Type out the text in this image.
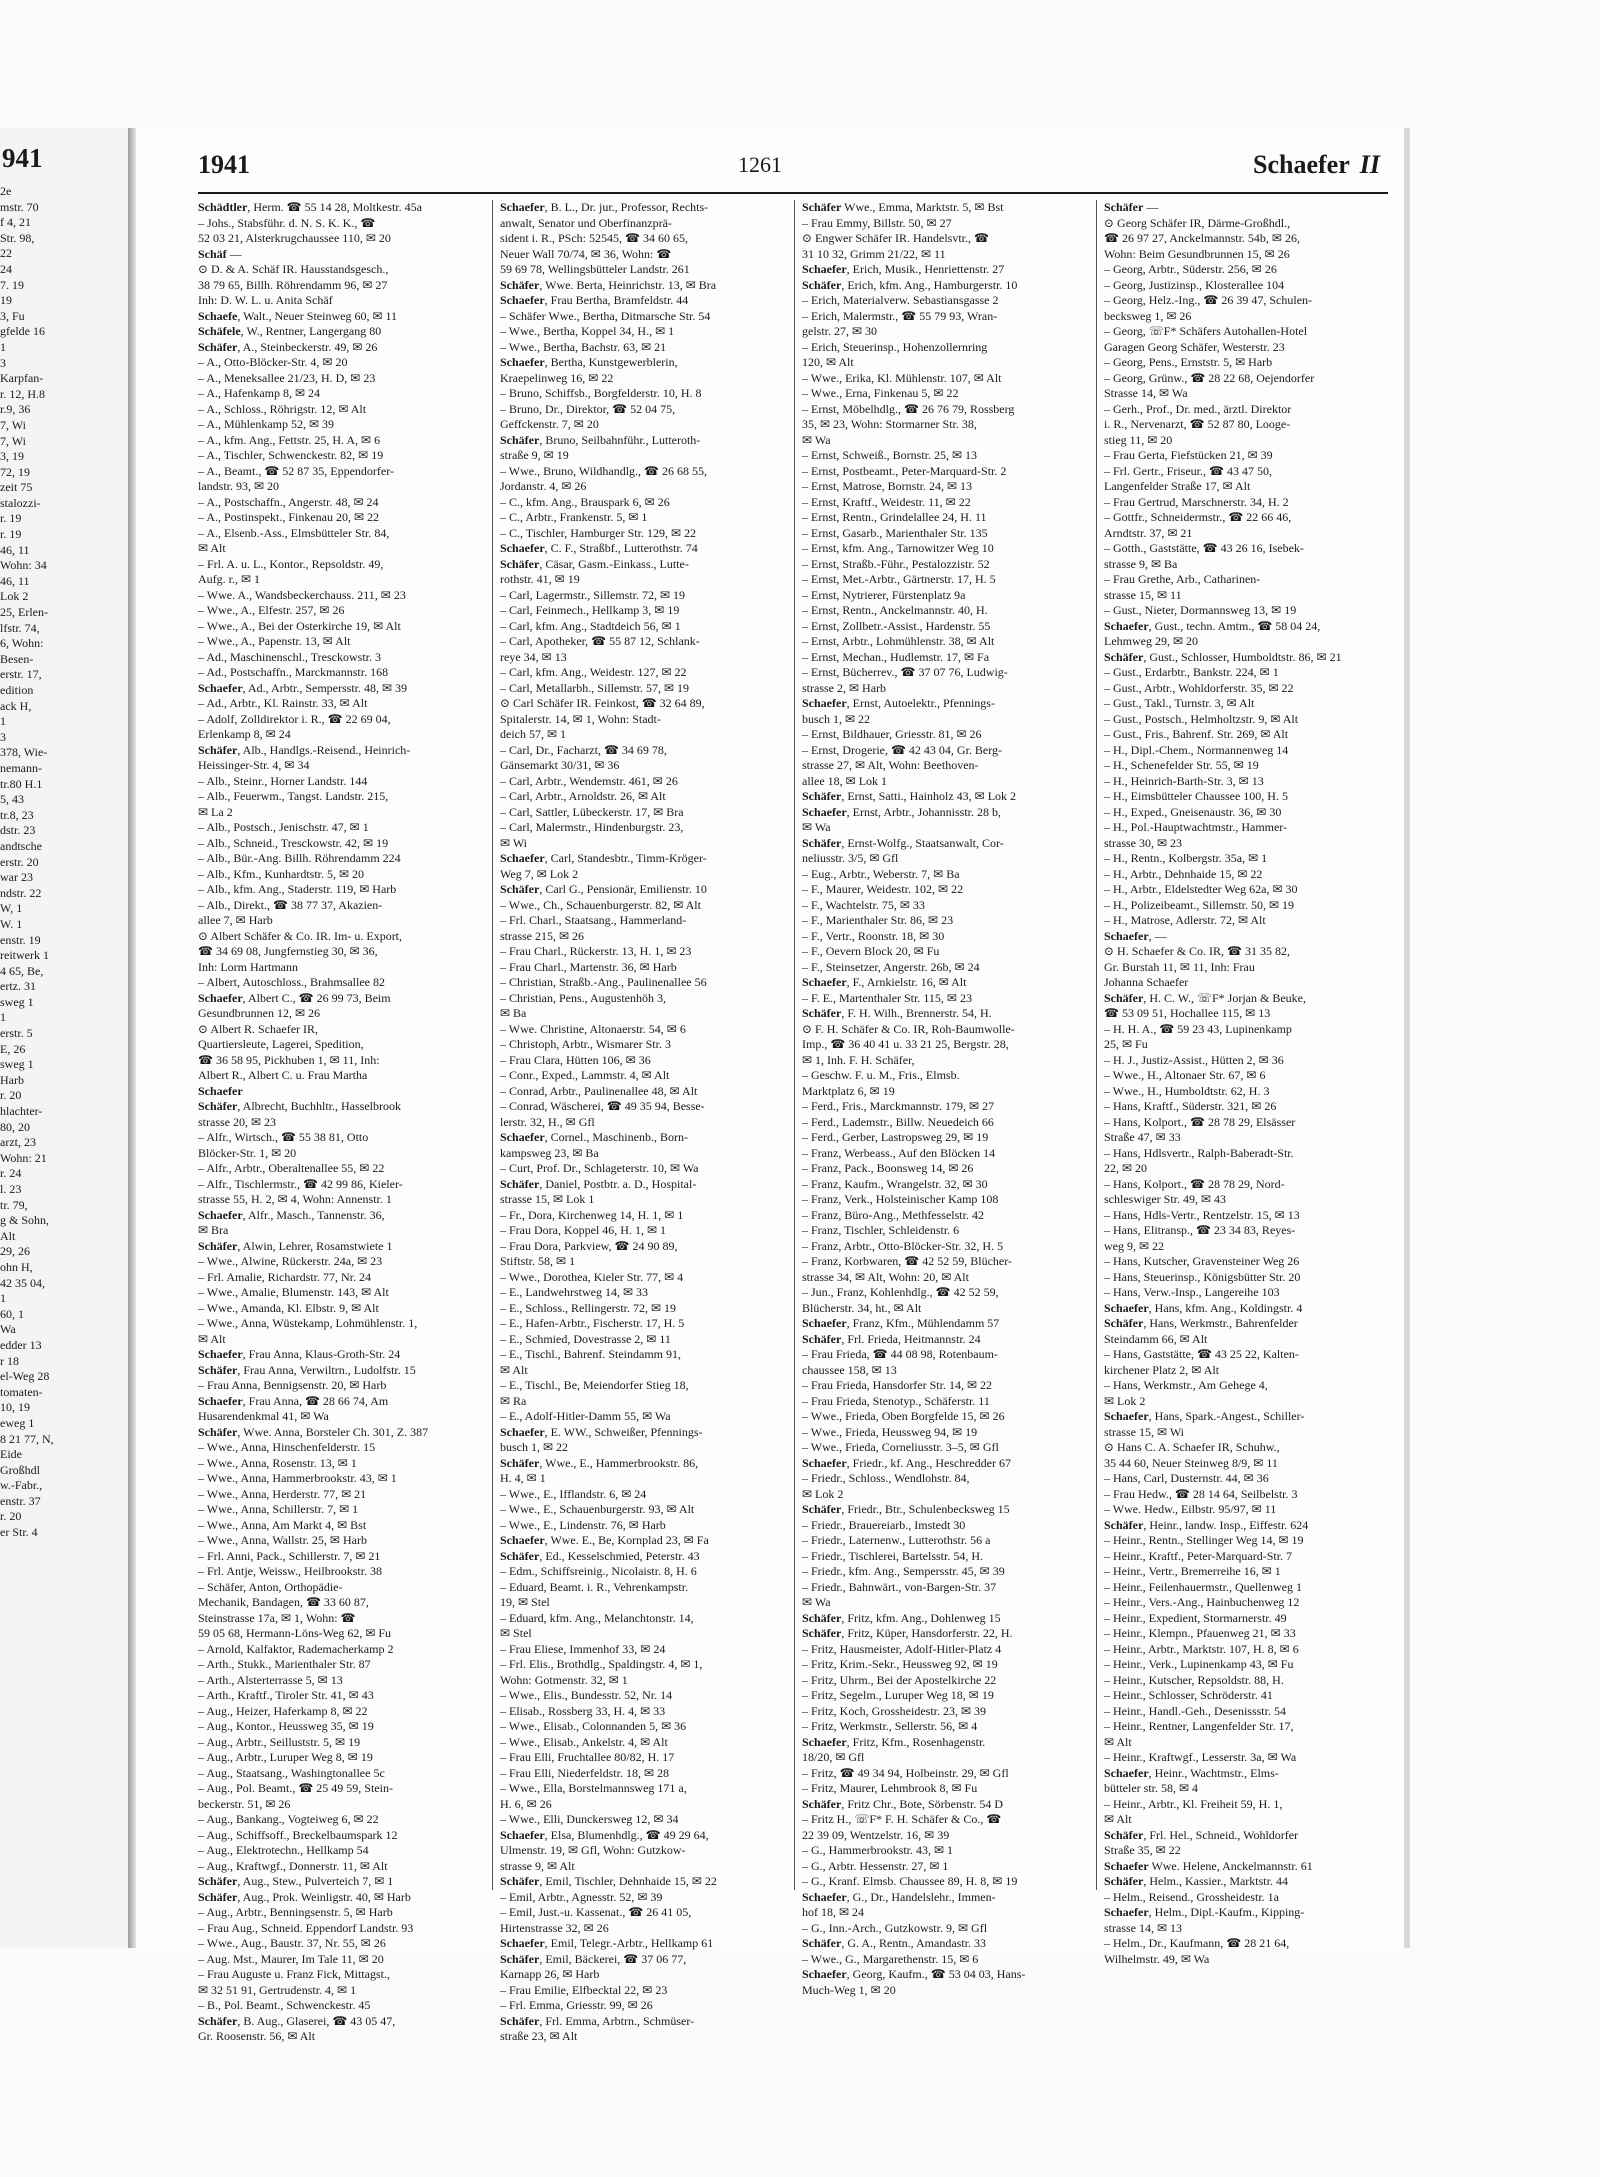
941
2e
mstr. 70
f 4, 21
Str. 98,
22
24
7. 19
19
3, Fu
gfelde 16
1
3
Karpfan-
r. 12, H.8
r.9, 36
7, Wi
7, Wi
3, 19
72, 19
zeit 75
stalozzi-
r. 19
r. 19
46, 11
Wohn: 34
46, 11
Lok 2
25, Erlen-
lfstr. 74,
6, Wohn:
Besen-
erstr. 17,
edition
ack H,
1
3
378, Wie-
nemann-
tr.80 H.1
5, 43
tr.8, 23
dstr. 23
andtsche
erstr. 20
war 23
ndstr. 22
W, 1
W. 1
enstr. 19
reitwerk 1
4 65, Be,
ertz. 31
sweg 1
1
erstr. 5
E, 26
sweg 1
Harb
r. 20
hlachter-
80, 20
arzt, 23
Wohn: 21
r. 24
l. 23
tr. 79,
g & Sohn,
Alt
29, 26
ohn H,
42 35 04,
1
60, 1
Wa
edder 13
r 18
el-Weg 28
tomaten-
10, 19
eweg 1
8 21 77, N,
Eide
Großhdl
w.-Fabr.,
enstr. 37
r. 20
er Str. 4
1941	1261	Schaefer II
Schädtler, Herm. ☎ 55 14 28, Moltkestr. 45a
– Johs., Stabsführ. d. N. S. K. K., ☎
52 03 21, Alsterkrugchaussee 110, ✉ 20
Schäf —
⊙ D. & A. Schäf IR. Hausstandsgesch.,
38 79 65, Billh. Röhrendamm 96, ✉ 27
Inh: D. W. L. u. Anita Schäf
Schaefe, Walt., Neuer Steinweg 60, ✉ 11
Schäfele, W., Rentner, Langergang 80
Schäfer, A., Steinbeckerstr. 49, ✉ 26
– A., Otto-Blöcker-Str. 4, ✉ 20
– A., Meneksallee 21/23, H. D, ✉ 23
– A., Hafenkamp 8, ✉ 24
– A., Schloss., Röhrigstr. 12, ✉ Alt
– A., Mühlenkamp 52, ✉ 39
– A., kfm. Ang., Fettstr. 25, H. A, ✉ 6
– A., Tischler, Schwenckestr. 82, ✉ 19
– A., Beamt., ☎ 52 87 35, Eppendorfer-
landstr. 93, ✉ 20
– A., Postschaffn., Angerstr. 48, ✉ 24
– A., Postinspekt., Finkenau 20, ✉ 22
– A., Elsenb.-Ass., Elmsbütteler Str. 84,
✉ Alt
– Frl. A. u. L., Kontor., Repsoldstr. 49,
Aufg. r., ✉ 1
– Wwe. A., Wandsbeckerchauss. 211, ✉ 23
– Wwe., A., Elfestr. 257, ✉ 26
– Wwe., A., Bei der Osterkirche 19, ✉ Alt
– Wwe., A., Papenstr. 13, ✉ Alt
– Ad., Maschinenschl., Tresckowstr. 3
– Ad., Postschaffn., Marckmannstr. 168
Schaefer, Ad., Arbtr., Sempersstr. 48, ✉ 39
– Ad., Arbtr., Kl. Rainstr. 33, ✉ Alt
– Adolf, Zolldirektor i. R., ☎ 22 69 04,
Erlenkamp 8, ✉ 24
Schäfer, Alb., Handlgs.-Reisend., Heinrich-
Heissinger-Str. 4, ✉ 34
– Alb., Steinr., Horner Landstr. 144
– Alb., Feuerwm., Tangst. Landstr. 215,
✉ La 2
– Alb., Postsch., Jenischstr. 47, ✉ 1
– Alb., Schneid., Tresckowstr. 42, ✉ 19
– Alb., Bür.-Ang. Billh. Röhrendamm 224
– Alb., Kfm., Kunhardtstr. 5, ✉ 20
– Alb., kfm. Ang., Staderstr. 119, ✉ Harb
– Alb., Direkt., ☎ 38 77 37, Akazien-
allee 7, ✉ Harb
⊙ Albert Schäfer & Co. IR. Im- u. Export,
☎ 34 69 08, Jungfernstieg 30, ✉ 36,
Inh: Lorm Hartmann
– Albert, Autoschloss., Brahmsallee 82
Schaefer, Albert C., ☎ 26 99 73, Beim
Gesundbrunnen 12, ✉ 26
⊙ Albert R. Schaefer IR,
Quartiersleute, Lagerei, Spedition,
☎ 36 58 95, Pickhuben 1, ✉ 11, Inh:
Albert R., Albert C. u. Frau Martha
Schaefer
Schäfer, Albrecht, Buchhltr., Hasselbrook
strasse 20, ✉ 23
– Alfr., Wirtsch., ☎ 55 38 81, Otto
Blöcker-Str. 1, ✉ 20
– Alfr., Arbtr., Oberaltenallee 55, ✉ 22
– Alfr., Tischlermstr., ☎ 42 99 86, Kieler-
strasse 55, H. 2, ✉ 4, Wohn: Annenstr. 1
Schaefer, Alfr., Masch., Tannenstr. 36,
✉ Bra
Schäfer, Alwin, Lehrer, Rosamstwiete 1
– Wwe., Alwine, Rückerstr. 24a, ✉ 23
– Frl. Amalie, Richardstr. 77, Nr. 24
– Wwe., Amalie, Blumenstr. 143, ✉ Alt
– Wwe., Amanda, Kl. Elbstr. 9, ✉ Alt
– Wwe., Anna, Wüstekamp, Lohmühlenstr. 1,
✉ Alt
Schaefer, Frau Anna, Klaus-Groth-Str. 24
Schäfer, Frau Anna, Verwiltrn., Ludolfstr. 15
– Frau Anna, Bennigsenstr. 20, ✉ Harb
Schaefer, Frau Anna, ☎ 28 66 74, Am
Husarendenkmal 41, ✉ Wa
Schäfer, Wwe. Anna, Borsteler Ch. 301, Z. 387
– Wwe., Anna, Hinschenfelderstr. 15
– Wwe., Anna, Rosenstr. 13, ✉ 1
– Wwe., Anna, Hammerbrookstr. 43, ✉ 1
– Wwe., Anna, Herderstr. 77, ✉ 21
– Wwe., Anna, Schillerstr. 7, ✉ 1
– Wwe., Anna, Am Markt 4, ✉ Bst
– Wwe., Anna, Wallstr. 25, ✉ Harb
– Frl. Anni, Pack., Schillerstr. 7, ✉ 21
– Frl. Antje, Weissw., Heilbrookstr. 38
– Schäfer, Anton, Orthopädie-
Mechanik, Bandagen, ☎ 33 60 87,
Steinstrasse 17a, ✉ 1, Wohn: ☎
59 05 68, Hermann-Löns-Weg 62, ✉ Fu
– Arnold, Kalfaktor, Rademacherkamp 2
– Arth., Stukk., Marienthaler Str. 87
– Arth., Alsterterrasse 5, ✉ 13
– Arth., Kraftf., Tiroler Str. 41, ✉ 43
– Aug., Heizer, Haferkamp 8, ✉ 22
– Aug., Kontor., Heussweg 35, ✉ 19
– Aug., Arbtr., Seilluststr. 5, ✉ 19
– Aug., Arbtr., Luruper Weg 8, ✉ 19
– Aug., Staatsang., Washingtonallee 5c
– Aug., Pol. Beamt., ☎ 25 49 59, Stein-
beckerstr. 51, ✉ 26
– Aug., Bankang., Vogteiweg 6, ✉ 22
– Aug., Schiffsoff., Breckelbaumspark 12
– Aug., Elektrotechn., Hellkamp 54
– Aug., Kraftwgf., Donnerstr. 11, ✉ Alt
Schäfer, Aug., Stew., Pulverteich 7, ✉ 1
Schäfer, Aug., Prok. Weinligstr. 40, ✉ Harb
– Aug., Arbtr., Benningsenstr. 5, ✉ Harb
– Frau Aug., Schneid. Eppendorf Landstr. 93
– Wwe., Aug., Baustr. 37, Nr. 55, ✉ 26
– Aug. Mst., Maurer, Im Tale 11, ✉ 20
– Frau Auguste u. Franz Fick, Mittagst.,
✉ 32 51 91, Gertrudenstr. 4, ✉ 1
– B., Pol. Beamt., Schwenckestr. 45
Schäfer, B. Aug., Glaserei, ☎ 43 05 47,
Gr. Roosenstr. 56, ✉ Alt
Schaefer, B. L., Dr. jur., Professor, Rechts-
anwalt, Senator und Oberfinanzprä-
sident i. R., PSch: 52545, ☎ 34 60 65,
Neuer Wall 70/74, ✉ 36, Wohn: ☎
59 69 78, Wellingsbütteler Landstr. 261
Schäfer, Wwe. Berta, Heinrichstr. 13, ✉ Bra
Schaefer, Frau Bertha, Bramfeldstr. 44
– Schäfer Wwe., Bertha, Ditmarsche Str. 54
– Wwe., Bertha, Koppel 34, H., ✉ 1
– Wwe., Bertha, Bachstr. 63, ✉ 21
Schaefer, Bertha, Kunstgewerblerin,
Kraepelinweg 16, ✉ 22
– Bruno, Schiffsb., Borgfelderstr. 10, H. 8
– Bruno, Dr., Direktor, ☎ 52 04 75,
Geffckenstr. 7, ✉ 20
Schäfer, Bruno, Seilbahnführ., Lutteroth-
straße 9, ✉ 19
– Wwe., Bruno, Wildhandlg., ☎ 26 68 55,
Jordanstr. 4, ✉ 26
– C., kfm. Ang., Brauspark 6, ✉ 26
– C., Arbtr., Frankenstr. 5, ✉ 1
– C., Tischler, Hamburger Str. 129, ✉ 22
Schaefer, C. F., Straßbf., Lutterothstr. 74
Schäfer, Cäsar, Gasm.-Einkass., Lutte-
rothstr. 41, ✉ 19
– Carl, Lagermstr., Sillemstr. 72, ✉ 19
– Carl, Feinmech., Hellkamp 3, ✉ 19
– Carl, kfm. Ang., Stadtdeich 56, ✉ 1
– Carl, Apotheker, ☎ 55 87 12, Schlank-
reye 34, ✉ 13
– Carl, kfm. Ang., Weidestr. 127, ✉ 22
– Carl, Metallarbh., Sillemstr. 57, ✉ 19
⊙ Carl Schäfer IR. Feinkost, ☎ 32 64 89,
Spitalerstr. 14, ✉ 1, Wohn: Stadt-
deich 57, ✉ 1
– Carl, Dr., Facharzt, ☎ 34 69 78,
Gänsemarkt 30/31, ✉ 36
– Carl, Arbtr., Wendemstr. 461, ✉ 26
– Carl, Arbtr., Arnoldstr. 26, ✉ Alt
– Carl, Sattler, Lübeckerstr. 17, ✉ Bra
– Carl, Malermstr., Hindenburgstr. 23,
✉ Wi
Schaefer, Carl, Standesbtr., Timm-Kröger-
Weg 7, ✉ Lok 2
Schäfer, Carl G., Pensionär, Emilienstr. 10
– Wwe., Ch., Schauenburgerstr. 82, ✉ Alt
– Frl. Charl., Staatsang., Hammerland-
strasse 215, ✉ 26
– Frau Charl., Rückerstr. 13, H. 1, ✉ 23
– Frau Charl., Martenstr. 36, ✉ Harb
– Christian, Straßb.-Ang., Paulinenallee 56
– Christian, Pens., Augustenhöh 3,
✉ Ba
– Wwe. Christine, Altonaerstr. 54, ✉ 6
– Christoph, Arbtr., Wismarer Str. 3
– Frau Clara, Hütten 106, ✉ 36
– Conr., Exped., Lammstr. 4, ✉ Alt
– Conrad, Arbtr., Paulinenallee 48, ✉ Alt
– Conrad, Wäscherei, ☎ 49 35 94, Besse-
lerstr. 32, H., ✉ Gfl
Schaefer, Cornel., Maschinenb., Born-
kampsweg 23, ✉ Ba
– Curt, Prof. Dr., Schlageterstr. 10, ✉ Wa
Schäfer, Daniel, Postbtr. a. D., Hospital-
strasse 15, ✉ Lok 1
– Fr., Dora, Kirchenweg 14, H. 1, ✉ 1
– Frau Dora, Koppel 46, H. 1, ✉ 1
– Frau Dora, Parkview, ☎ 24 90 89,
Stiftstr. 58, ✉ 1
– Wwe., Dorothea, Kieler Str. 77, ✉ 4
– E., Landwehrstweg 14, ✉ 33
– E., Schloss., Rellingerstr. 72, ✉ 19
– E., Hafen-Arbtr., Fischerstr. 17, H. 5
– E., Schmied, Dovestrasse 2, ✉ 11
– E., Tischl., Bahrenf. Steindamm 91,
✉ Alt
– E., Tischl., Be, Meiendorfer Stieg 18,
✉ Ra
– E., Adolf-Hitler-Damm 55, ✉ Wa
Schaefer, E. WW., Schweißer, Pfennings-
busch 1, ✉ 22
Schäfer, Wwe., E., Hammerbrookstr. 86,
H. 4, ✉ 1
– Wwe., E., Ifflandstr. 6, ✉ 24
– Wwe., E., Schauenburgerstr. 93, ✉ Alt
– Wwe., E., Lindenstr. 76, ✉ Harb
Schaefer, Wwe. E., Be, Kornplad 23, ✉ Fa
Schäfer, Ed., Kesselschmied, Peterstr. 43
– Edm., Schiffsreinig., Nicolaistr. 8, H. 6
– Eduard, Beamt. i. R., Vehrenkampstr.
19, ✉ Stel
– Eduard, kfm. Ang., Melanchtonstr. 14,
✉ Stel
– Frau Eliese, Immenhof 33, ✉ 24
– Frl. Elis., Brothdlg., Spaldingstr. 4, ✉ 1,
Wohn: Gotmenstr. 32, ✉ 1
– Wwe., Elis., Bundesstr. 52, Nr. 14
– Elisab., Rossberg 33, H. 4, ✉ 33
– Wwe., Elisab., Colonnanden 5, ✉ 36
– Wwe., Elisab., Ankelstr. 4, ✉ Alt
– Frau Elli, Fruchtallee 80/82, H. 17
– Frau Elli, Niederfeldstr. 18, ✉ 28
– Wwe., Ella, Borstelmannsweg 171 a,
H. 6, ✉ 26
– Wwe., Elli, Dunckersweg 12, ✉ 34
Schaefer, Elsa, Blumenhdlg., ☎ 49 29 64,
Ulmenstr. 19, ✉ Gfl, Wohn: Gutzkow-
strasse 9, ✉ Alt
Schäfer, Emil, Tischler, Dehnhaide 15, ✉ 22
– Emil, Arbtr., Agnesstr. 52, ✉ 39
– Emil, Just.-u. Kassenat., ☎ 26 41 05,
Hirtenstrasse 32, ✉ 26
Schaefer, Emil, Telegr.-Arbtr., Hellkamp 61
Schäfer, Emil, Bäckerei, ☎ 37 06 77,
Karnapp 26, ✉ Harb
– Frau Emilie, Elfbecktal 22, ✉ 23
– Frl. Emma, Griesstr. 99, ✉ 26
Schäfer, Frl. Emma, Arbtrn., Schmüser-
straße 23, ✉ Alt
Schäfer Wwe., Emma, Marktstr. 5, ✉ Bst
– Frau Emmy, Billstr. 50, ✉ 27
⊙ Engwer Schäfer IR. Handelsvtr., ☎
31 10 32, Grimm 21/22, ✉ 11
Schaefer, Erich, Musik., Henriettenstr. 27
Schäfer, Erich, kfm. Ang., Hamburgerstr. 10
– Erich, Materialverw. Sebastiansgasse 2
– Erich, Malermstr., ☎ 55 79 93, Wran-
gelstr. 27, ✉ 30
– Erich, Steuerinsp., Hohenzollernring
120, ✉ Alt
– Wwe., Erika, Kl. Mühlenstr. 107, ✉ Alt
– Wwe., Erna, Finkenau 5, ✉ 22
– Ernst, Möbelhdlg., ☎ 26 76 79, Rossberg
35, ✉ 23, Wohn: Stormarner Str. 38,
✉ Wa
– Ernst, Schweiß., Bornstr. 25, ✉ 13
– Ernst, Postbeamt., Peter-Marquard-Str. 2
– Ernst, Matrose, Bornstr. 24, ✉ 13
– Ernst, Kraftf., Weidestr. 11, ✉ 22
– Ernst, Rentn., Grindelallee 24, H. 11
– Ernst, Gasarb., Marienthaler Str. 135
– Ernst, kfm. Ang., Tarnowitzer Weg 10
– Ernst, Straßb.-Führ., Pestalozzistr. 52
– Ernst, Met.-Arbtr., Gärtnerstr. 17, H. 5
– Ernst, Nytrierer, Fürstenplatz 9a
– Ernst, Rentn., Anckelmannstr. 40, H.
– Ernst, Zollbetr.-Assist., Hardenstr. 55
– Ernst, Arbtr., Lohmühlenstr. 38, ✉ Alt
– Ernst, Mechan., Hudlemstr. 17, ✉ Fa
– Ernst, Bücherrev., ☎ 37 07 76, Ludwig-
strasse 2, ✉ Harb
Schaefer, Ernst, Autoelektr., Pfennings-
busch 1, ✉ 22
– Ernst, Bildhauer, Griesstr. 81, ✉ 26
– Ernst, Drogerie, ☎ 42 43 04, Gr. Berg-
strasse 27, ✉ Alt, Wohn: Beethoven-
allee 18, ✉ Lok 1
Schäfer, Ernst, Satti., Hainholz 43, ✉ Lok 2
Schaefer, Ernst, Arbtr., Johannisstr. 28 b,
✉ Wa
Schäfer, Ernst-Wolfg., Staatsanwalt, Cor-
neliusstr. 3/5, ✉ Gfl
– Eug., Arbtr., Weberstr. 7, ✉ Ba
– F., Maurer, Weidestr. 102, ✉ 22
– F., Wachtelstr. 75, ✉ 33
– F., Marienthaler Str. 86, ✉ 23
– F., Vertr., Roonstr. 18, ✉ 30
– F., Oevern Block 20, ✉ Fu
– F., Steinsetzer, Angerstr. 26b, ✉ 24
Schaefer, F., Arnkielstr. 16, ✉ Alt
– F. E., Martenthaler Str. 115, ✉ 23
Schäfer, F. H. Wilh., Brennerstr. 54, H.
⊙ F. H. Schäfer & Co. IR, Roh-Baumwolle-
Imp., ☎ 36 40 41 u. 33 21 25, Bergstr. 28,
✉ 1, Inh. F. H. Schäfer,
– Geschw. F. u. M., Fris., Elmsb.
Marktplatz 6, ✉ 19
– Ferd., Fris., Marckmannstr. 179, ✉ 27
– Ferd., Lademstr., Billw. Neuedeich 66
– Ferd., Gerber, Lastropsweg 29, ✉ 19
– Franz, Werbeass., Auf den Blöcken 14
– Franz, Pack., Boonsweg 14, ✉ 26
– Franz, Kaufm., Wrangelstr. 32, ✉ 30
– Franz, Verk., Holsteinischer Kamp 108
– Franz, Büro-Ang., Methfesselstr. 42
– Franz, Tischler, Schleidenstr. 6
– Franz, Arbtr., Otto-Blöcker-Str. 32, H. 5
– Franz, Korbwaren, ☎ 42 52 59, Blücher-
strasse 34, ✉ Alt, Wohn: 20, ✉ Alt
– Jun., Franz, Kohlenhdlg., ☎ 42 52 59,
Blücherstr. 34, ht., ✉ Alt
Schaefer, Franz, Kfm., Mühlendamm 57
Schäfer, Frl. Frieda, Heitmannstr. 24
– Frau Frieda, ☎ 44 08 98, Rotenbaum-
chaussee 158, ✉ 13
– Frau Frieda, Hansdorfer Str. 14, ✉ 22
– Frau Frieda, Stenotyp., Schäferstr. 11
– Wwe., Frieda, Oben Borgfelde 15, ✉ 26
– Wwe., Frieda, Heussweg 94, ✉ 19
– Wwe., Frieda, Corneliusstr. 3–5, ✉ Gfl
Schaefer, Friedr., kf. Ang., Heschredder 67
– Friedr., Schloss., Wendlohstr. 84,
✉ Lok 2
Schäfer, Friedr., Btr., Schulenbecksweg 15
– Friedr., Brauereiarb., Imstedt 30
– Friedr., Laternenw., Lutterothstr. 56 a
– Friedr., Tischlerei, Bartelsstr. 54, H.
– Friedr., kfm. Ang., Sempersstr. 45, ✉ 39
– Friedr., Bahnwärt., von-Bargen-Str. 37
✉ Wa
Schäfer, Fritz, kfm. Ang., Dohlenweg 15
Schäfer, Fritz, Küper, Hansdorferstr. 22, H.
– Fritz, Hausmeister, Adolf-Hitler-Platz 4
– Fritz, Krim.-Sekr., Heussweg 92, ✉ 19
– Fritz, Uhrm., Bei der Apostelkirche 22
– Fritz, Segelm., Luruper Weg 18, ✉ 19
– Fritz, Koch, Grossheidestr. 23, ✉ 39
– Fritz, Werkmstr., Sellerstr. 56, ✉ 4
Schaefer, Fritz, Kfm., Rosenhagenstr.
18/20, ✉ Gfl
– Fritz, ☎ 49 34 94, Holbeinstr. 29, ✉ Gfl
– Fritz, Maurer, Lehmbrook 8, ✉ Fu
Schäfer, Fritz Chr., Bote, Sörbenstr. 54 D
– Fritz H., ☏F* F. H. Schäfer & Co., ☎
22 39 09, Wentzelstr. 16, ✉ 39
– G., Hammerbrookstr. 43, ✉ 1
– G., Arbtr. Hessenstr. 27, ✉ 1
– G., Kranf. Elmsb. Chaussee 89, H. 8, ✉ 19
Schaefer, G., Dr., Handelslehr., Immen-
hof 18, ✉ 24
– G., Inn.-Arch., Gutzkowstr. 9, ✉ Gfl
Schäfer, G. A., Rentn., Amandastr. 33
– Wwe., G., Margarethenstr. 15, ✉ 6
Schaefer, Georg, Kaufm., ☎ 53 04 03, Hans-
Much-Weg 1, ✉ 20
Schäfer —
⊙ Georg Schäfer IR, Därme-Großhdl.,
☎ 26 97 27, Anckelmannstr. 54b, ✉ 26,
Wohn: Beim Gesundbrunnen 15, ✉ 26
– Georg, Arbtr., Süderstr. 256, ✉ 26
– Georg, Justizinsp., Klosterallee 104
– Georg, Helz.-Ing., ☎ 26 39 47, Schulen-
becksweg 1, ✉ 26
– Georg, ☏F* Schäfers Autohallen-Hotel
Garagen Georg Schäfer, Westerstr. 23
– Georg, Pens., Ernststr. 5, ✉ Harb
– Georg, Grünw., ☎ 28 22 68, Oejendorfer
Strasse 14, ✉ Wa
– Gerh., Prof., Dr. med., ärztl. Direktor
i. R., Nervenarzt, ☎ 52 87 80, Looge-
stieg 11, ✉ 20
– Frau Gerta, Fiefstücken 21, ✉ 39
– Frl. Gertr., Friseur., ☎ 43 47 50,
Langenfelder Straße 17, ✉ Alt
– Frau Gertrud, Marschnerstr. 34, H. 2
– Gottfr., Schneidermstr., ☎ 22 66 46,
Arndtstr. 37, ✉ 21
– Gotth., Gaststätte, ☎ 43 26 16, Isebek-
strasse 9, ✉ Ba
– Frau Grethe, Arb., Catharinen-
strasse 15, ✉ 11
– Gust., Nieter, Dormannsweg 13, ✉ 19
Schaefer, Gust., techn. Amtm., ☎ 58 04 24,
Lehmweg 29, ✉ 20
Schäfer, Gust., Schlosser, Humboldtstr. 86, ✉ 21
– Gust., Erdarbtr., Bankstr. 224, ✉ 1
– Gust., Arbtr., Wohldorferstr. 35, ✉ 22
– Gust., Takl., Turnstr. 3, ✉ Alt
– Gust., Postsch., Helmholtzstr. 9, ✉ Alt
– Gust., Fris., Bahrenf. Str. 269, ✉ Alt
– H., Dipl.-Chem., Normannenweg 14
– H., Schenefelder Str. 55, ✉ 19
– H., Heinrich-Barth-Str. 3, ✉ 13
– H., Eimsbütteler Chaussee 100, H. 5
– H., Exped., Gneisenaustr. 36, ✉ 30
– H., Pol.-Hauptwachtmstr., Hammer-
strasse 30, ✉ 23
– H., Rentn., Kolbergstr. 35a, ✉ 1
– H., Arbtr., Dehnhaide 15, ✉ 22
– H., Arbtr., Eldelstedter Weg 62a, ✉ 30
– H., Polizeibeamt., Sillemstr. 50, ✉ 19
– H., Matrose, Adlerstr. 72, ✉ Alt
Schaefer, —
⊙ H. Schaefer & Co. IR, ☎ 31 35 82,
Gr. Burstah 11, ✉ 11, Inh: Frau
Johanna Schaefer
Schäfer, H. C. W., ☏F* Jorjan & Beuke,
☎ 53 09 51, Hochallee 115, ✉ 13
– H. H. A., ☎ 59 23 43, Lupinenkamp
25, ✉ Fu
– H. J., Justiz-Assist., Hütten 2, ✉ 36
– Wwe., H., Altonaer Str. 67, ✉ 6
– Wwe., H., Humboldtstr. 62, H. 3
– Hans, Kraftf., Süderstr. 321, ✉ 26
– Hans, Kolport., ☎ 28 78 29, Elsässer
Straße 47, ✉ 33
– Hans, Hdlsvertr., Ralph-Baberadt-Str.
22, ✉ 20
– Hans, Kolport., ☎ 28 78 29, Nord-
schleswiger Str. 49, ✉ 43
– Hans, Hdls-Vertr., Rentzelstr. 15, ✉ 13
– Hans, Elitransp., ☎ 23 34 83, Reyes-
weg 9, ✉ 22
– Hans, Kutscher, Gravensteiner Weg 26
– Hans, Steuerinsp., Königsbütter Str. 20
– Hans, Verw.-Insp., Langereihe 103
Schaefer, Hans, kfm. Ang., Koldingstr. 4
Schäfer, Hans, Werkmstr., Bahrenfelder
Steindamm 66, ✉ Alt
– Hans, Gaststätte, ☎ 43 25 22, Kalten-
kirchener Platz 2, ✉ Alt
– Hans, Werkmstr., Am Gehege 4,
✉ Lok 2
Schaefer, Hans, Spark.-Angest., Schiller-
strasse 15, ✉ Wi
⊙ Hans C. A. Schaefer IR, Schuhw.,
35 44 60, Neuer Steinweg 8/9, ✉ 11
– Hans, Carl, Dusternstr. 44, ✉ 36
– Frau Hedw., ☎ 28 14 64, Seilbelstr. 3
– Wwe. Hedw., Eilbstr. 95/97, ✉ 11
Schäfer, Heinr., landw. Insp., Eiffestr. 624
– Heinr., Rentn., Stellinger Weg 14, ✉ 19
– Heinr., Kraftf., Peter-Marquard-Str. 7
– Heinr., Vertr., Bremerreihe 16, ✉ 1
– Heinr., Feilenhauermstr., Quellenweg 1
– Heinr., Vers.-Ang., Hainbuchenweg 12
– Heinr., Expedient, Stormarnerstr. 49
– Heinr., Klempn., Pfauenweg 21, ✉ 33
– Heinr., Arbtr., Marktstr. 107, H. 8, ✉ 6
– Heinr., Verk., Lupinenkamp 43, ✉ Fu
– Heinr., Kutscher, Repsoldstr. 88, H.
– Heinr., Schlosser, Schröderstr. 41
– Heinr., Handl.-Geh., Desenissstr. 54
– Heinr., Rentner, Langenfelder Str. 17,
✉ Alt
– Heinr., Kraftwgf., Lesserstr. 3a, ✉ Wa
Schaefer, Heinr., Wachtmstr., Elms-
bütteler str. 58, ✉ 4
– Heinr., Arbtr., Kl. Freiheit 59, H. 1,
✉ Alt
Schäfer, Frl. Hel., Schneid., Wohldorfer
Straße 35, ✉ 22
Schaefer Wwe. Helene, Anckelmannstr. 61
Schäfer, Helm., Kassier., Marktstr. 44
– Helm., Reisend., Grossheidestr. 1a
Schaefer, Helm., Dipl.-Kaufm., Kipping-
strasse 14, ✉ 13
– Helm., Dr., Kaufmann, ☎ 28 21 64,
Wilhelmstr. 49, ✉ Wa
